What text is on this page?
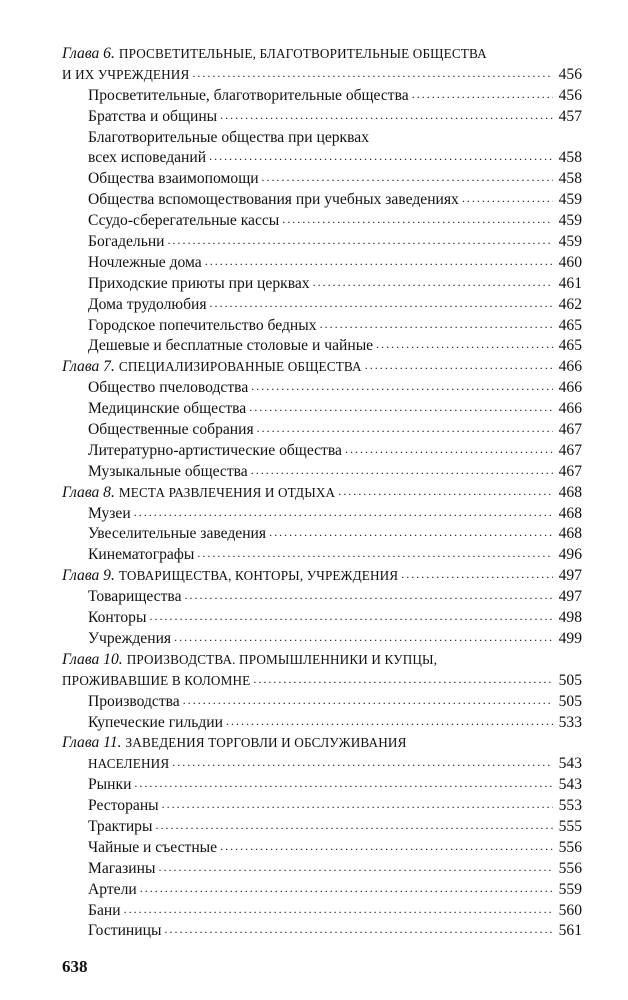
Глава 6. ПРОСВЕТИТЕЛЬНЫЕ, БЛАГОТВОРИТЕЛЬНЫЕ ОБЩЕСТВА
И ИХ УЧРЕЖДЕНИЯ .....	456
Просветительные, благотворительные общества .....	456
Братства и общины .....	457
Благотворительные общества при церквах
всех исповеданий .....	458
Общества взаимопомощи .....	458
Общества вспомоществования при учебных заведениях .....	459
Ссудо-сберегательные кассы .....	459
Богадельни .....	459
Ночлежные дома .....	460
Приходские приюты при церквах .....	461
Дома трудолюбия .....	462
Городское попечительство бедных .....	465
Дешевые и бесплатные столовые и чайные .....	465
Глава 7. СПЕЦИАЛИЗИРОВАННЫЕ ОБЩЕСТВА .....	466
Общество пчеловодства .....	466
Медицинские общества .....	466
Общественные собрания .....	467
Литературно-артистические общества .....	467
Музыкальные общества .....	467
Глава 8. МЕСТА РАЗВЛЕЧЕНИЯ И ОТДЫХА .....	468
Музеи .....	468
Увеселительные заведения .....	468
Кинематографы .....	496
Глава 9. ТОВАРИЩЕСТВА, КОНТОРЫ, УЧРЕЖДЕНИЯ .....	497
Товарищества .....	497
Конторы .....	498
Учреждения .....	499
Глава 10. ПРОИЗВОДСТВА. ПРОМЫШЛЕННИКИ И КУПЦЫ,
ПРОЖИВАВШИЕ В КОЛОМНЕ .....	505
Производства .....	505
Купеческие гильдии .....	533
Глава 11. ЗАВЕДЕНИЯ ТОРГОВЛИ И ОБСЛУЖИВАНИЯ
НАСЕЛЕНИЯ .....	543
Рынки .....	543
Рестораны .....	553
Трактиры .....	555
Чайные и съестные .....	556
Магазины .....	556
Артели .....	559
Бани .....	560
Гостиницы .....	561
638
